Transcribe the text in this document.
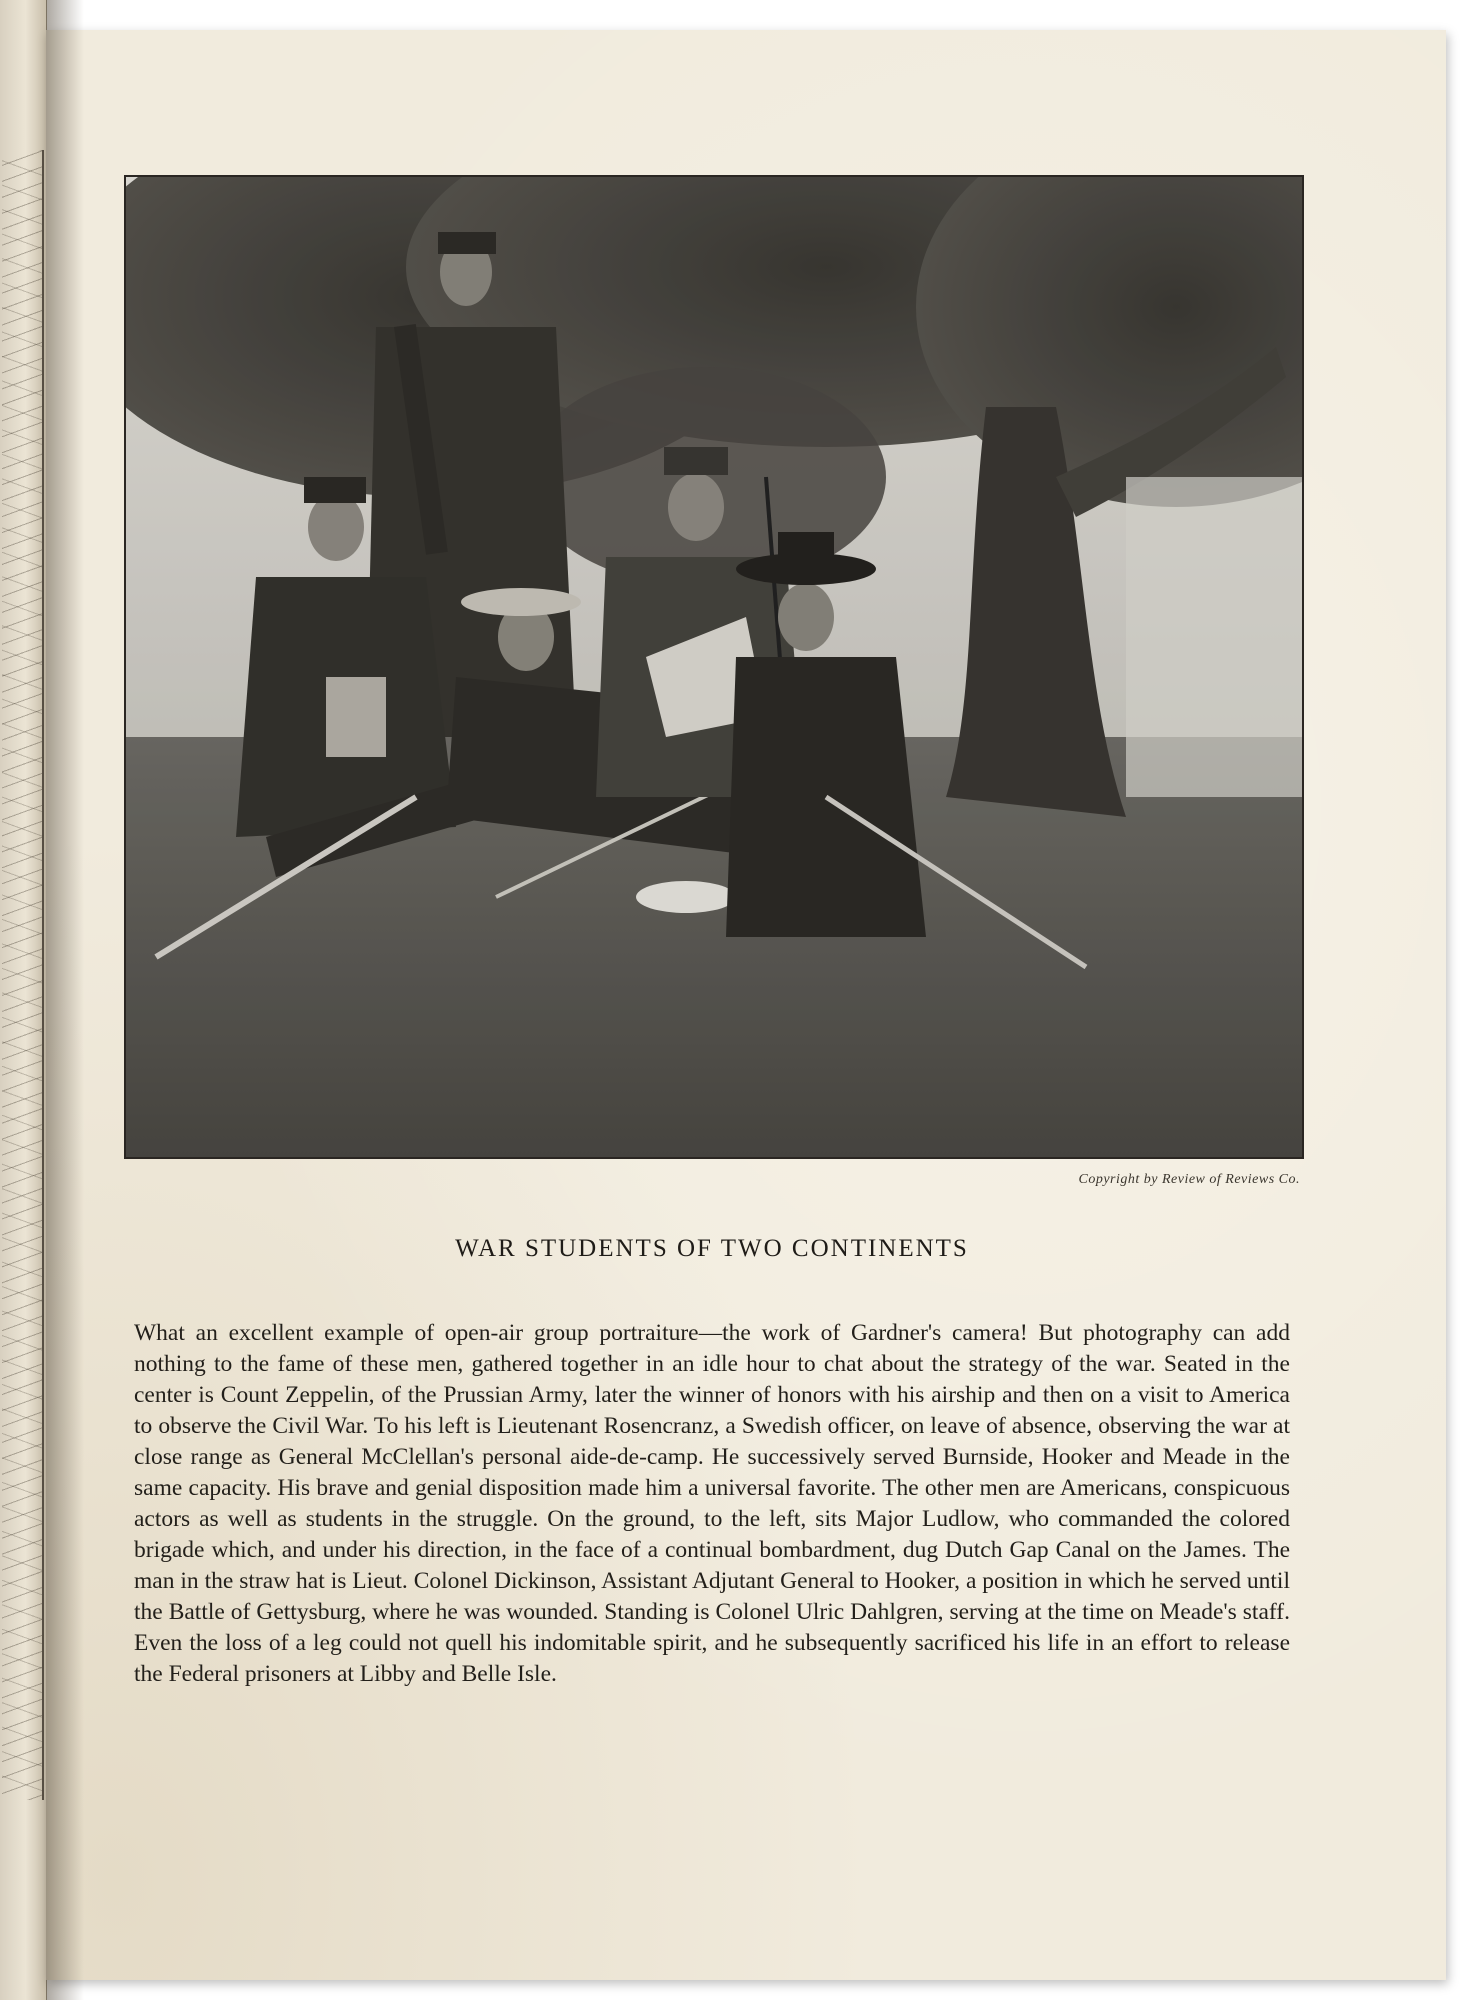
Copyright by Review of Reviews Co.
WAR STUDENTS OF TWO CONTINENTS

What an excellent example of open-air group portraiture—the work of Gardner's camera! But photography can add nothing to the fame of these men, gathered together in an idle hour to chat about the strategy of the war. Seated in the center is Count Zeppelin, of the Prussian Army, later the winner of honors with his airship and then on a visit to America to observe the Civil War. To his left is Lieutenant Rosencranz, a Swedish officer, on leave of absence, observing the war at close range as General McClellan's personal aide-de-camp. He successively served Burnside, Hooker and Meade in the same capacity. His brave and genial disposition made him a universal favorite. The other men are Americans, conspicuous actors as well as students in the struggle. On the ground, to the left, sits Major Ludlow, who commanded the colored brigade which, and under his direction, in the face of a continual bombardment, dug Dutch Gap Canal on the James. The man in the straw hat is Lieut. Colonel Dickinson, Assistant Adjutant General to Hooker, a position in which he served until the Battle of Gettysburg, where he was wounded. Standing is Colonel Ulric Dahlgren, serving at the time on Meade's staff. Even the loss of a leg could not quell his indomitable spirit, and he subsequently sacrificed his life in an effort to release the Federal prisoners at Libby and Belle Isle.
